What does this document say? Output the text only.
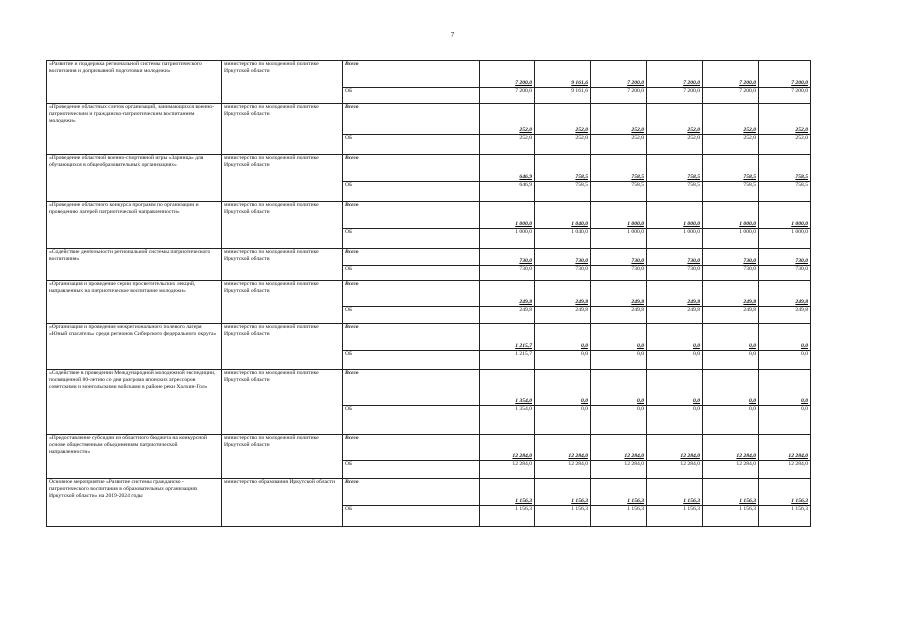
7
«Развитие и поддержка региональной системы патриотического воспитания и допризывной подготовки молодежи»	министерство по молодежной политике Иркутской области	Всего	7 200,0	9 161,6	7 200,0	7 200,0	7 200,0	7 200,0
		ОБ	7 200,0	9 161,6	7 200,0	7 200,0	7 200,0	7 200,0
«Проведение областных слетов организаций, занимающихся военно-патриотическим и гражданско-патриотическим воспитанием молодежи»	министерство по молодежной политике Иркутской области	Всего	252,0	252,0	252,0	252,0	252,0	252,0
		ОБ	252,0	252,0	252,0	252,0	252,0	252,0
«Проведение областной военно-спортивной игры «Зарница» для обучающихся в общеобразовательных организациях»	министерство по молодежной политике Иркутской области	Всего	646,9	758,5	758,5	758,5	758,5	758,5
		ОБ	646,9	758,5	758,5	758,5	758,5	758,5
«Проведение областного конкурса программ по организации и проведению лагерей патриотической направленности»	министерство по молодежной политике Иркутской области	Всего	1 000,0	1 040,0	1 000,0	1 000,0	1 000,0	1 000,0
		ОБ	1 000,0	1 040,0	1 000,0	1 000,0	1 000,0	1 000,0
«Содействие деятельности региональной системы патриотического воспитания»	министерство по молодежной политике Иркутской области	Всего	730,0	730,0	730,0	730,0	730,0	730,0
		ОБ	730,0	730,0	730,0	730,0	730,0	730,0
«Организация и проведение серии просветительских лекций, направленных на патриотическое воспитание молодежи»	министерство по молодежной политике Иркутской области	Всего	249,8	249,8	249,8	249,8	249,8	249,8
		ОБ	249,8	249,8	249,8	249,8	249,8	249,8
«Организация и проведение межрегионального полевого лагеря «Юный спасатель» среди регионов Сибирского федерального округа»	министерство по молодежной политике Иркутской области	Всего	1 215,7	0,0	0,0	0,0	0,0	0,0
		ОБ	1 215,7	0,0	0,0	0,0	0,0	0,0
«Содействие в проведении Международной молодежной экспедиции, посвященной 80-летию со дня разгрома японских агрессоров советскими и монгольскими войсками в районе реки Халхин-Гол»	министерство по молодежной политике Иркутской области	Всего	1 354,0	0,0	0,0	0,0	0,0	0,0
		ОБ	1 354,0	0,0	0,0	0,0	0,0	0,0
«Предоставление субсидии из областного бюджета на конкурсной основе общественным объединениям патриотической направленности»	министерство по молодежной политике Иркутской области	Всего	12 284,0	12 284,0	12 284,0	12 284,0	12 284,0	12 284,0
		ОБ	12 284,0	12 284,0	12 284,0	12 284,0	12 284,0	12 284,0
Основное мероприятие «Развитие системы гражданско - патриотического воспитания в образовательных организациях Иркутской области» на 2019-2024 годы	министерство образования Иркутской области	Всего	1 156,3	1 156,3	1 156,3	1 156,3	1 156,3	1 156,3
		ОБ	1 156,3	1 156,3	1 156,3	1 156,3	1 156,3	1 156,3
